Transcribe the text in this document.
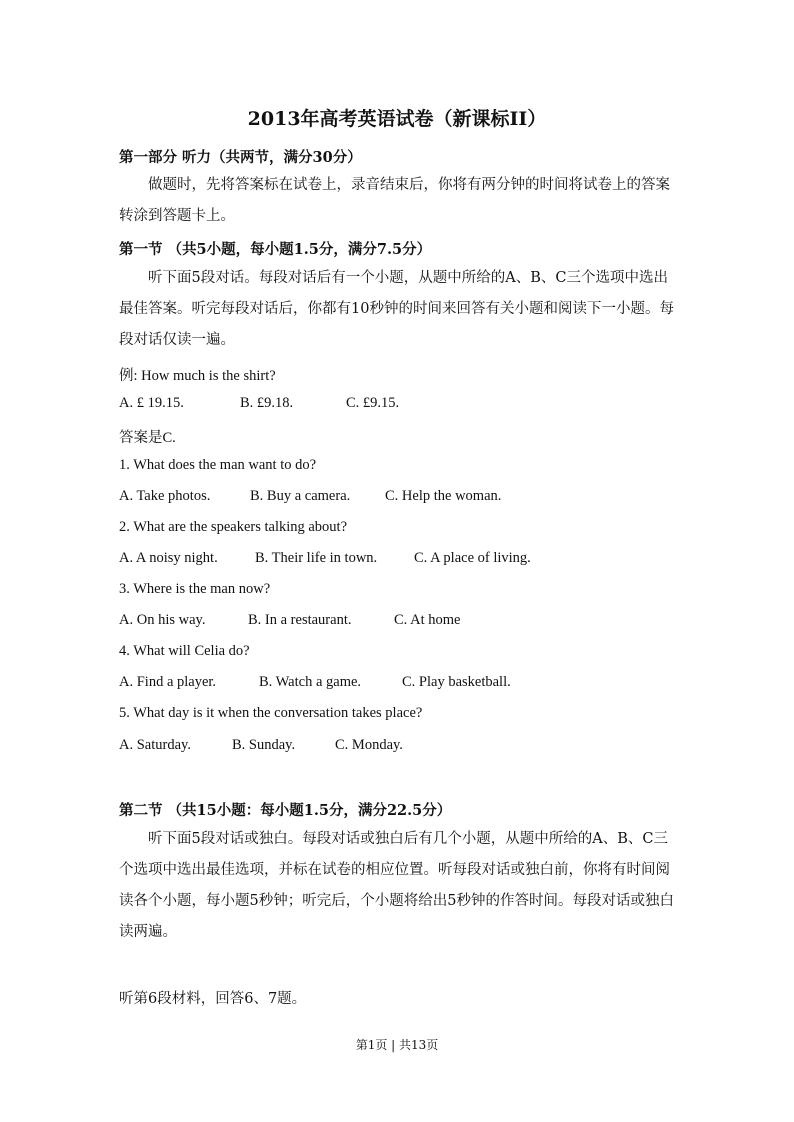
2013年高考英语试卷（新课标II）
第一部分 听力（共两节，满分30分）

做题时，先将答案标在试卷上，录音结束后，你将有两分钟的时间将试卷上的答案转涂到答题卡上。

第一节 （共5小题，每小题1.5分，满分7.5分）

听下面5段对话。每段对话后有一个小题，从题中所给的A、B、C三个选项中选出最佳答案。听完每段对话后，你都有10秒钟的时间来回答有关小题和阅读下一小题。每段对话仅读一遍。

例: How much is the shirt?
A. £ 19.15.	B. £9.18.	C. £9.15.
答案是C.
1. What does the man want to do?
A. Take photos.	B. Buy a camera.	C. Help the woman.
2. What are the speakers talking about?
A. A noisy night.	B. Their life in town.	C. A place of living.
3. Where is the man now?
A. On his way.	B. In a restaurant.	C. At home
4. What will Celia do?
A. Find a player.	B. Watch a game.	C. Play basketball.
5. What day is it when the conversation takes place?
A. Saturday.	B. Sunday.	C. Monday.
第二节 （共15小题：每小题1.5分，满分22.5分）

听下面5段对话或独白。每段对话或独白后有几个小题，从题中所给的A、B、C三个选项中选出最佳选项，并标在试卷的相应位置。听每段对话或独白前，你将有时间阅读各个小题，每小题5秒钟；听完后，个小题将给出5秒钟的作答时间。每段对话或独白读两遍。

听第6段材料，回答6、7题。
第1页 | 共13页
